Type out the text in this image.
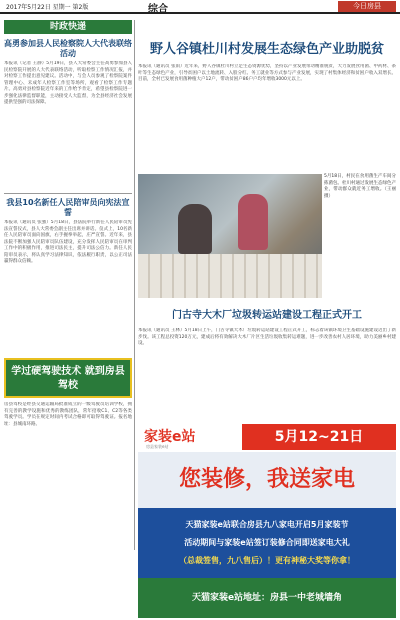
2017年5月22日 星期一 第2版	综合	今日房县
时政快递
高勇参加县人民检察院人大代表联络活动
本报讯（记者 王静）5月19日，县人大常委会主任高勇参加县人民检察院开展的人大代表联络活动，听取检察工作情况汇报，并对检察工作提出意见建议。活动中，与会人员参观了检察院案件管理中心、未成年人检察工作室等场所，观看了检察工作专题片。高勇对县检察院近年来的工作给予肯定，希望县检察院进一步强化法律监督职能，主动接受人大监督，为全县经济社会发展提供坚强的司法保障。
我县10名新任人民陪审员向宪法宣誓
本报讯（通讯员 张强）5月18日，县法院举行新任人民陪审员宪法宣誓仪式，县人大常委会副主任出席并讲话。仪式上，10名新任人民陪审员面向国旗，右手握拳举起，庄严宣誓。近年来，县法院不断加强人民陪审员队伍建设，充分发挥人民陪审员在审判工作中的积极作用，推进司法民主，提升司法公信力。新任人民陪审员表示，将认真学习法律知识，依法履行职责，以公正司法赢得群众信赖。
学过硬驾驶技术 就到房县驾校
房县驾校是经县交通运输局批准成立的一级驾驶员培训学校，拥有完善的教学设施和优秀的教练团队，常年招收C1、C2等各类驾驶学员。学员在规定时间内考试合格即可取得驾驶证。报名地址：县城南环路。
野人谷镇杜川村发展生态绿色产业助脱贫
本报讯（通讯员 张雨）近年来，野人谷镇杜川村立足生态资源优势，坚持以产业发展带动精准脱贫，大力发展食用菌、中药材、茶叶等生态绿色产业，引导贫困户以土地流转、入股分红、务工就业等方式参与产业发展，实现了村集体经济和贫困户收入双增长。目前，全村已发展食用菌种植大户12户，带动贫困户86户户均年增收3000元以上。
5月18日，村民在食用菌生产车间分拣菌包。杜川村通过发展生态绿色产业，带动群众就近务工增收。（王丽 摄）
门古寺大木厂垃圾转运站建设工程正式开工
本报讯（通讯员 王林）5月18日上午，门古寺镇大木厂垃圾转运站建设工程正式开工，标志着该镇环境卫生基础设施建设迈出了新步伐。该工程总投资120万元，建成后将有效解决大木厂片区生活垃圾收集转运难题，进一步改善农村人居环境，助力美丽乡村建设。
家装e站
房县家装e站
5月12~21日
您装修，我送家电
天猫家装e站联合房县九八家电开启5月家装节
活动期间与家装e站签订装修合同即送家电大礼
（总裁签售，九八售后）！更有神秘大奖等你拿！
天猫家装e站地址：房县一中老城墙角
